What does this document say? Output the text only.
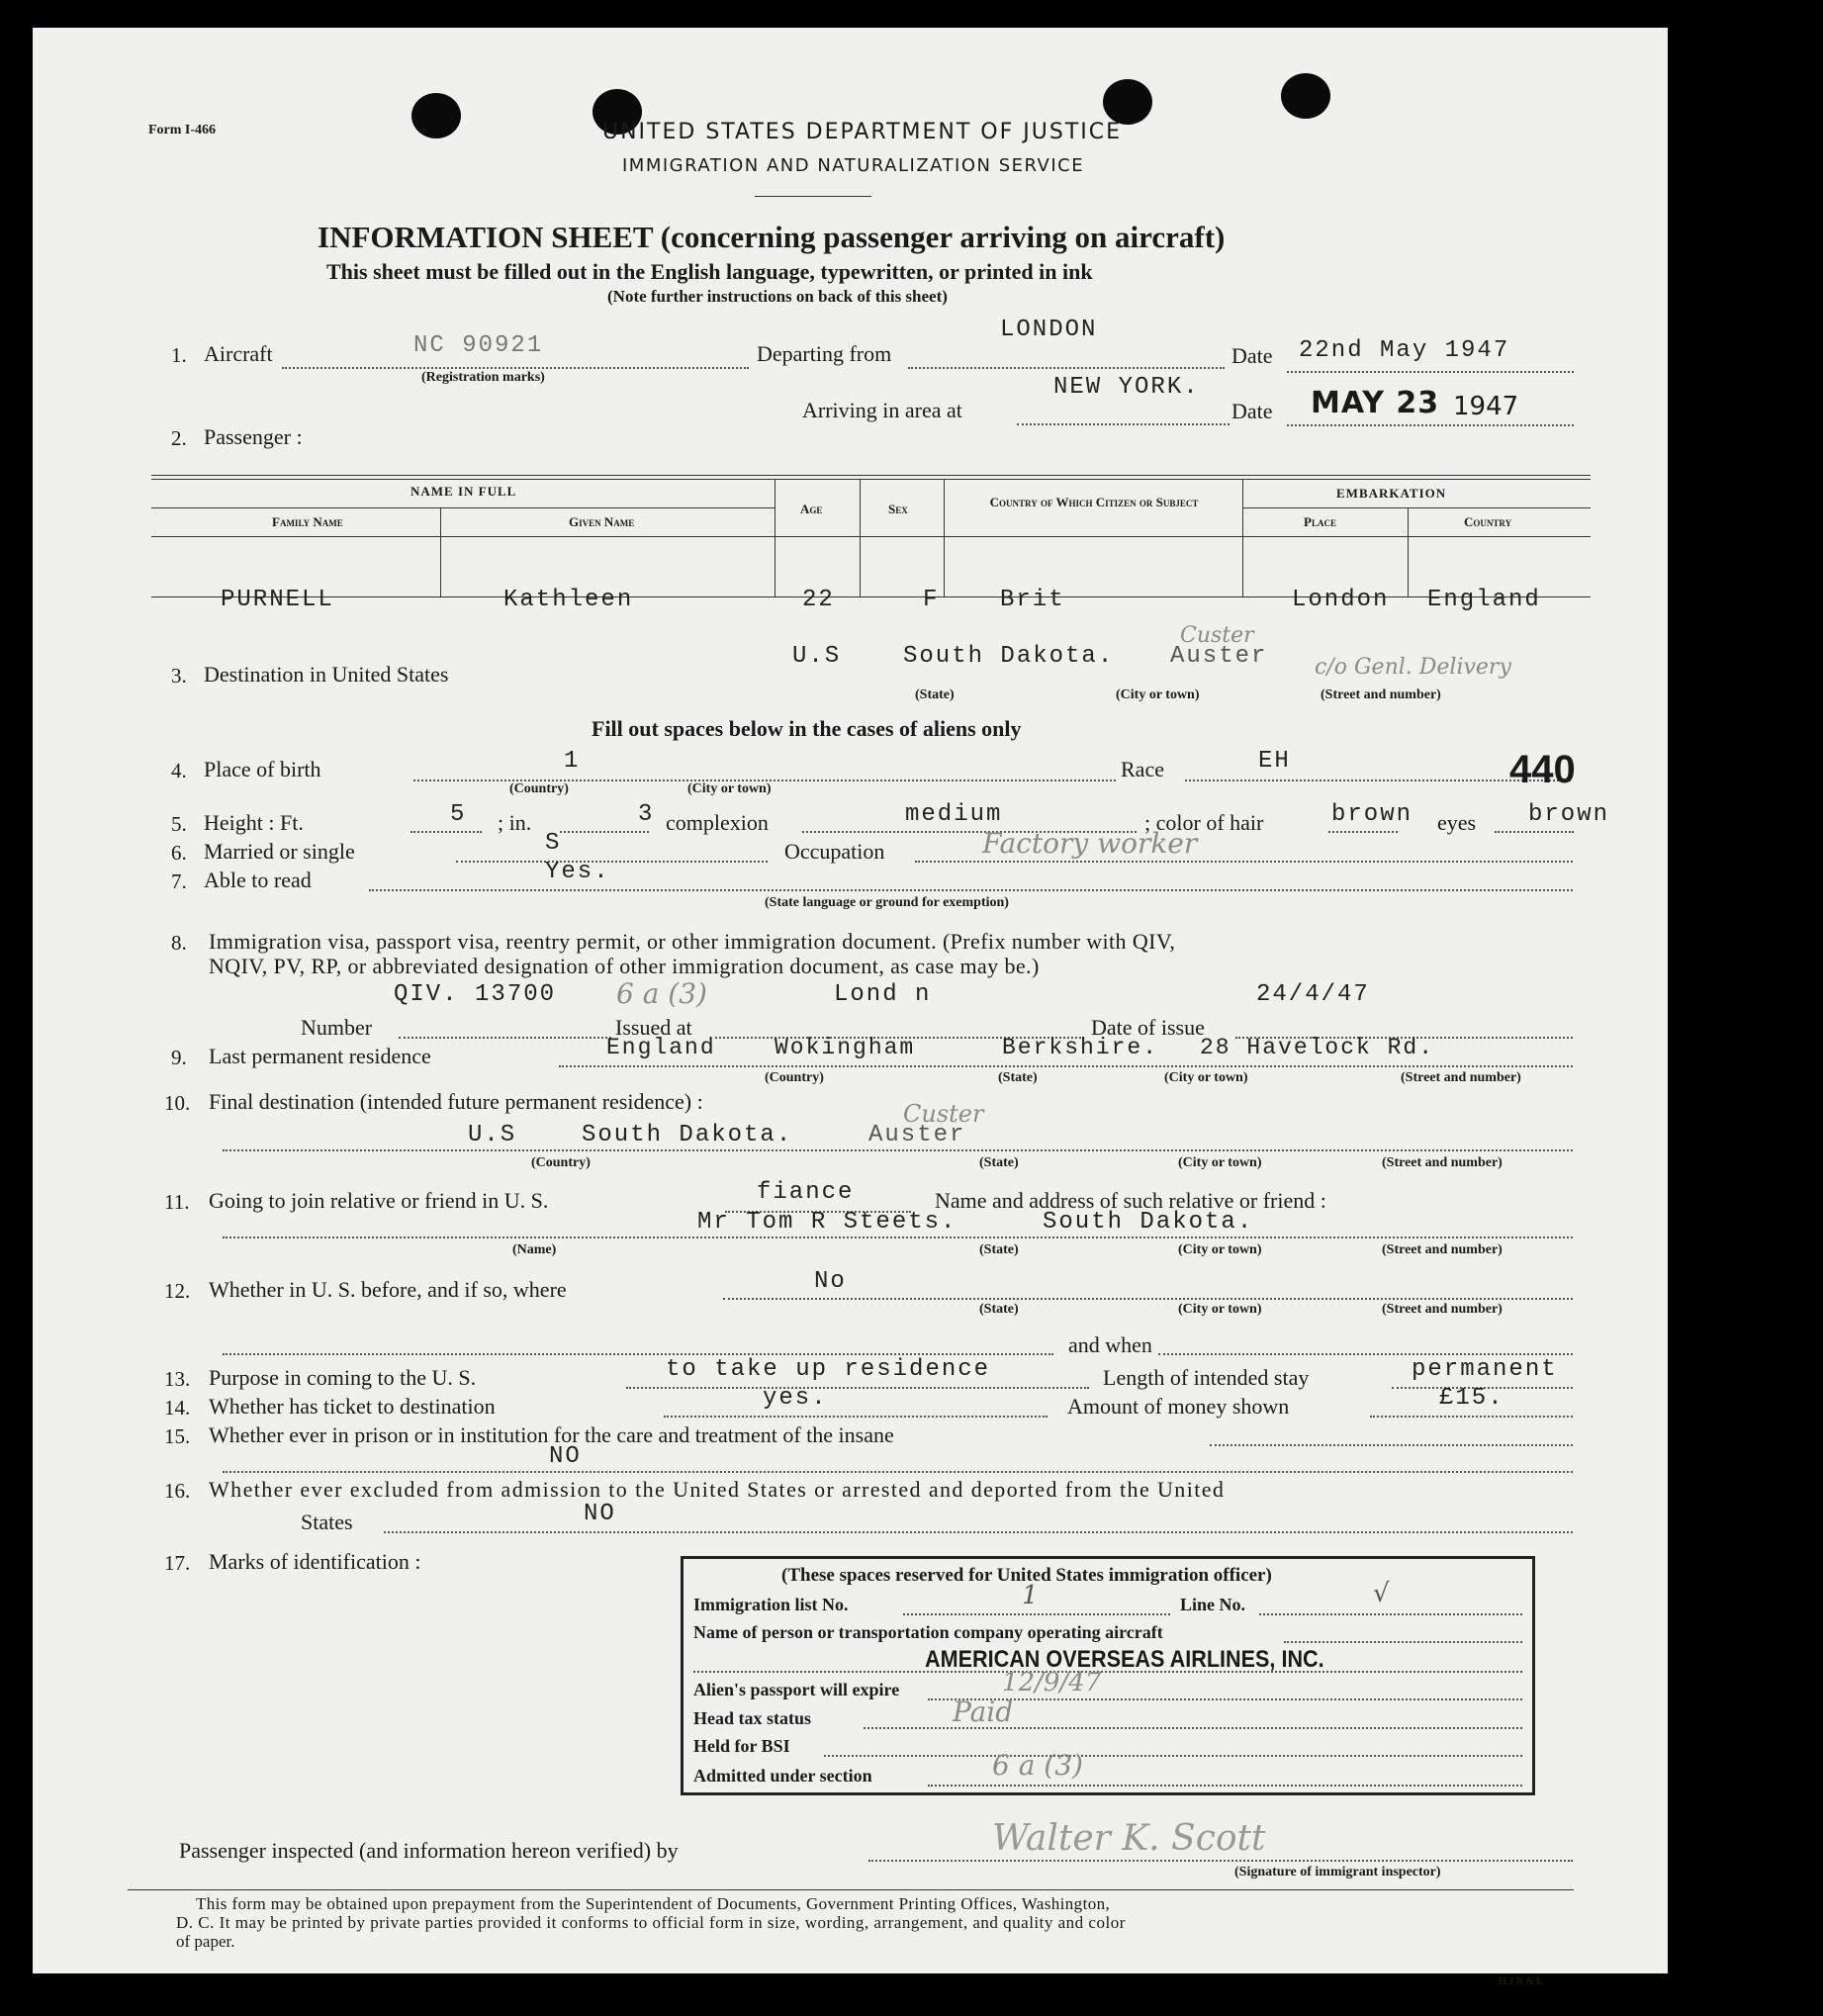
Form I-466	UNITED STATES DEPARTMENT OF JUSTICE
IMMIGRATION AND NATURALIZATION SERVICE
INFORMATION SHEET (concerning passenger arriving on aircraft)
This sheet must be filled out in the English language, typewritten, or printed in ink
(Note further instructions on back of this sheet)
1. Aircraft	NC 90921
(Registration marks)
Departing from
LONDON
Date 22nd May 1947
Arriving in area at
NEW YORK.
Date MAY 23 1947
2. Passenger :
NAME IN FULL
Family Name	Given Name
Age	Sex	Country of Which Citizen or Subject
EMBARKATION
Place	Country
PURNELL	Kathleen	22	F	Brit	London England
3. Destination in United States
U.S	South Dakota. Auster
Custer
c/o Genl. Delivery
(State)	(City or town)	(Street and number)
Fill out spaces below in the cases of aliens only
4. Place of birth	1
(Country)	(City or town)
Race	EH	440
5. Height : Ft.	5 ; in.	3 complexion	medium	; color of hair	brown eyes brown
6. Married or single	S	Occupation	Factory worker
7. Able to read	Yes.
(State language or ground for exemption)
8. Immigration visa, passport visa, reentry permit, or other immigration document. (Prefix number with QIV,
NQIV, PV, RP, or abbreviated designation of other immigration document, as case may be.)
QIV. 13700 6 a (3)	Lond n	24/4/47
Number	Issued at	Date of issue
9. Last permanent residence	England	Wokingham	Berkshire. 28 Havelock Rd.
(Country)	(State)	(City or town)	(Street and number)
10. Final destination (intended future permanent residence) :
U.S	South Dakota.	Auster
Custer
(Country)	(State)	(City or town)	(Street and number)
11. Going to join relative or friend in U. S.	fiance	Name and address of such relative or friend :
Mr Tom R Steets.	South Dakota.
(Name)	(State)	(City or town)	(Street and number)
12. Whether in U. S. before, and if so, where	No
(State)	(City or town)	(Street and number)
and when
13. Purpose in coming to the U. S.	to take up residence	Length of intended stay	permanent
14. Whether has ticket to destination	yes.	Amount of money shown	£15.
15. Whether ever in prison or in institution for the care and treatment of the insane
NO
16. Whether ever excluded from admission to the United States or arrested and deported from the United
States	NO
17. Marks of identification :
(These spaces reserved for United States immigration officer)
Immigration list No.	1	Line No.	√
Name of person or transportation company operating aircraft
AMERICAN OVERSEAS AIRLINES, INC.
Alien's passport will expire	12/9/47
Head tax status	Paid
Held for BSI
Admitted under section	6 a (3)
Passenger inspected (and information hereon verified) by	Walter K. Scott
(Signature of immigrant inspector)
This form may be obtained upon prepayment from the Superintendent of Documents, Government Printing Offices, Washington,
D. C. It may be printed by private parties provided it conforms to official form in size, wording, arrangement, and quality and color
of paper.
H J R & L
